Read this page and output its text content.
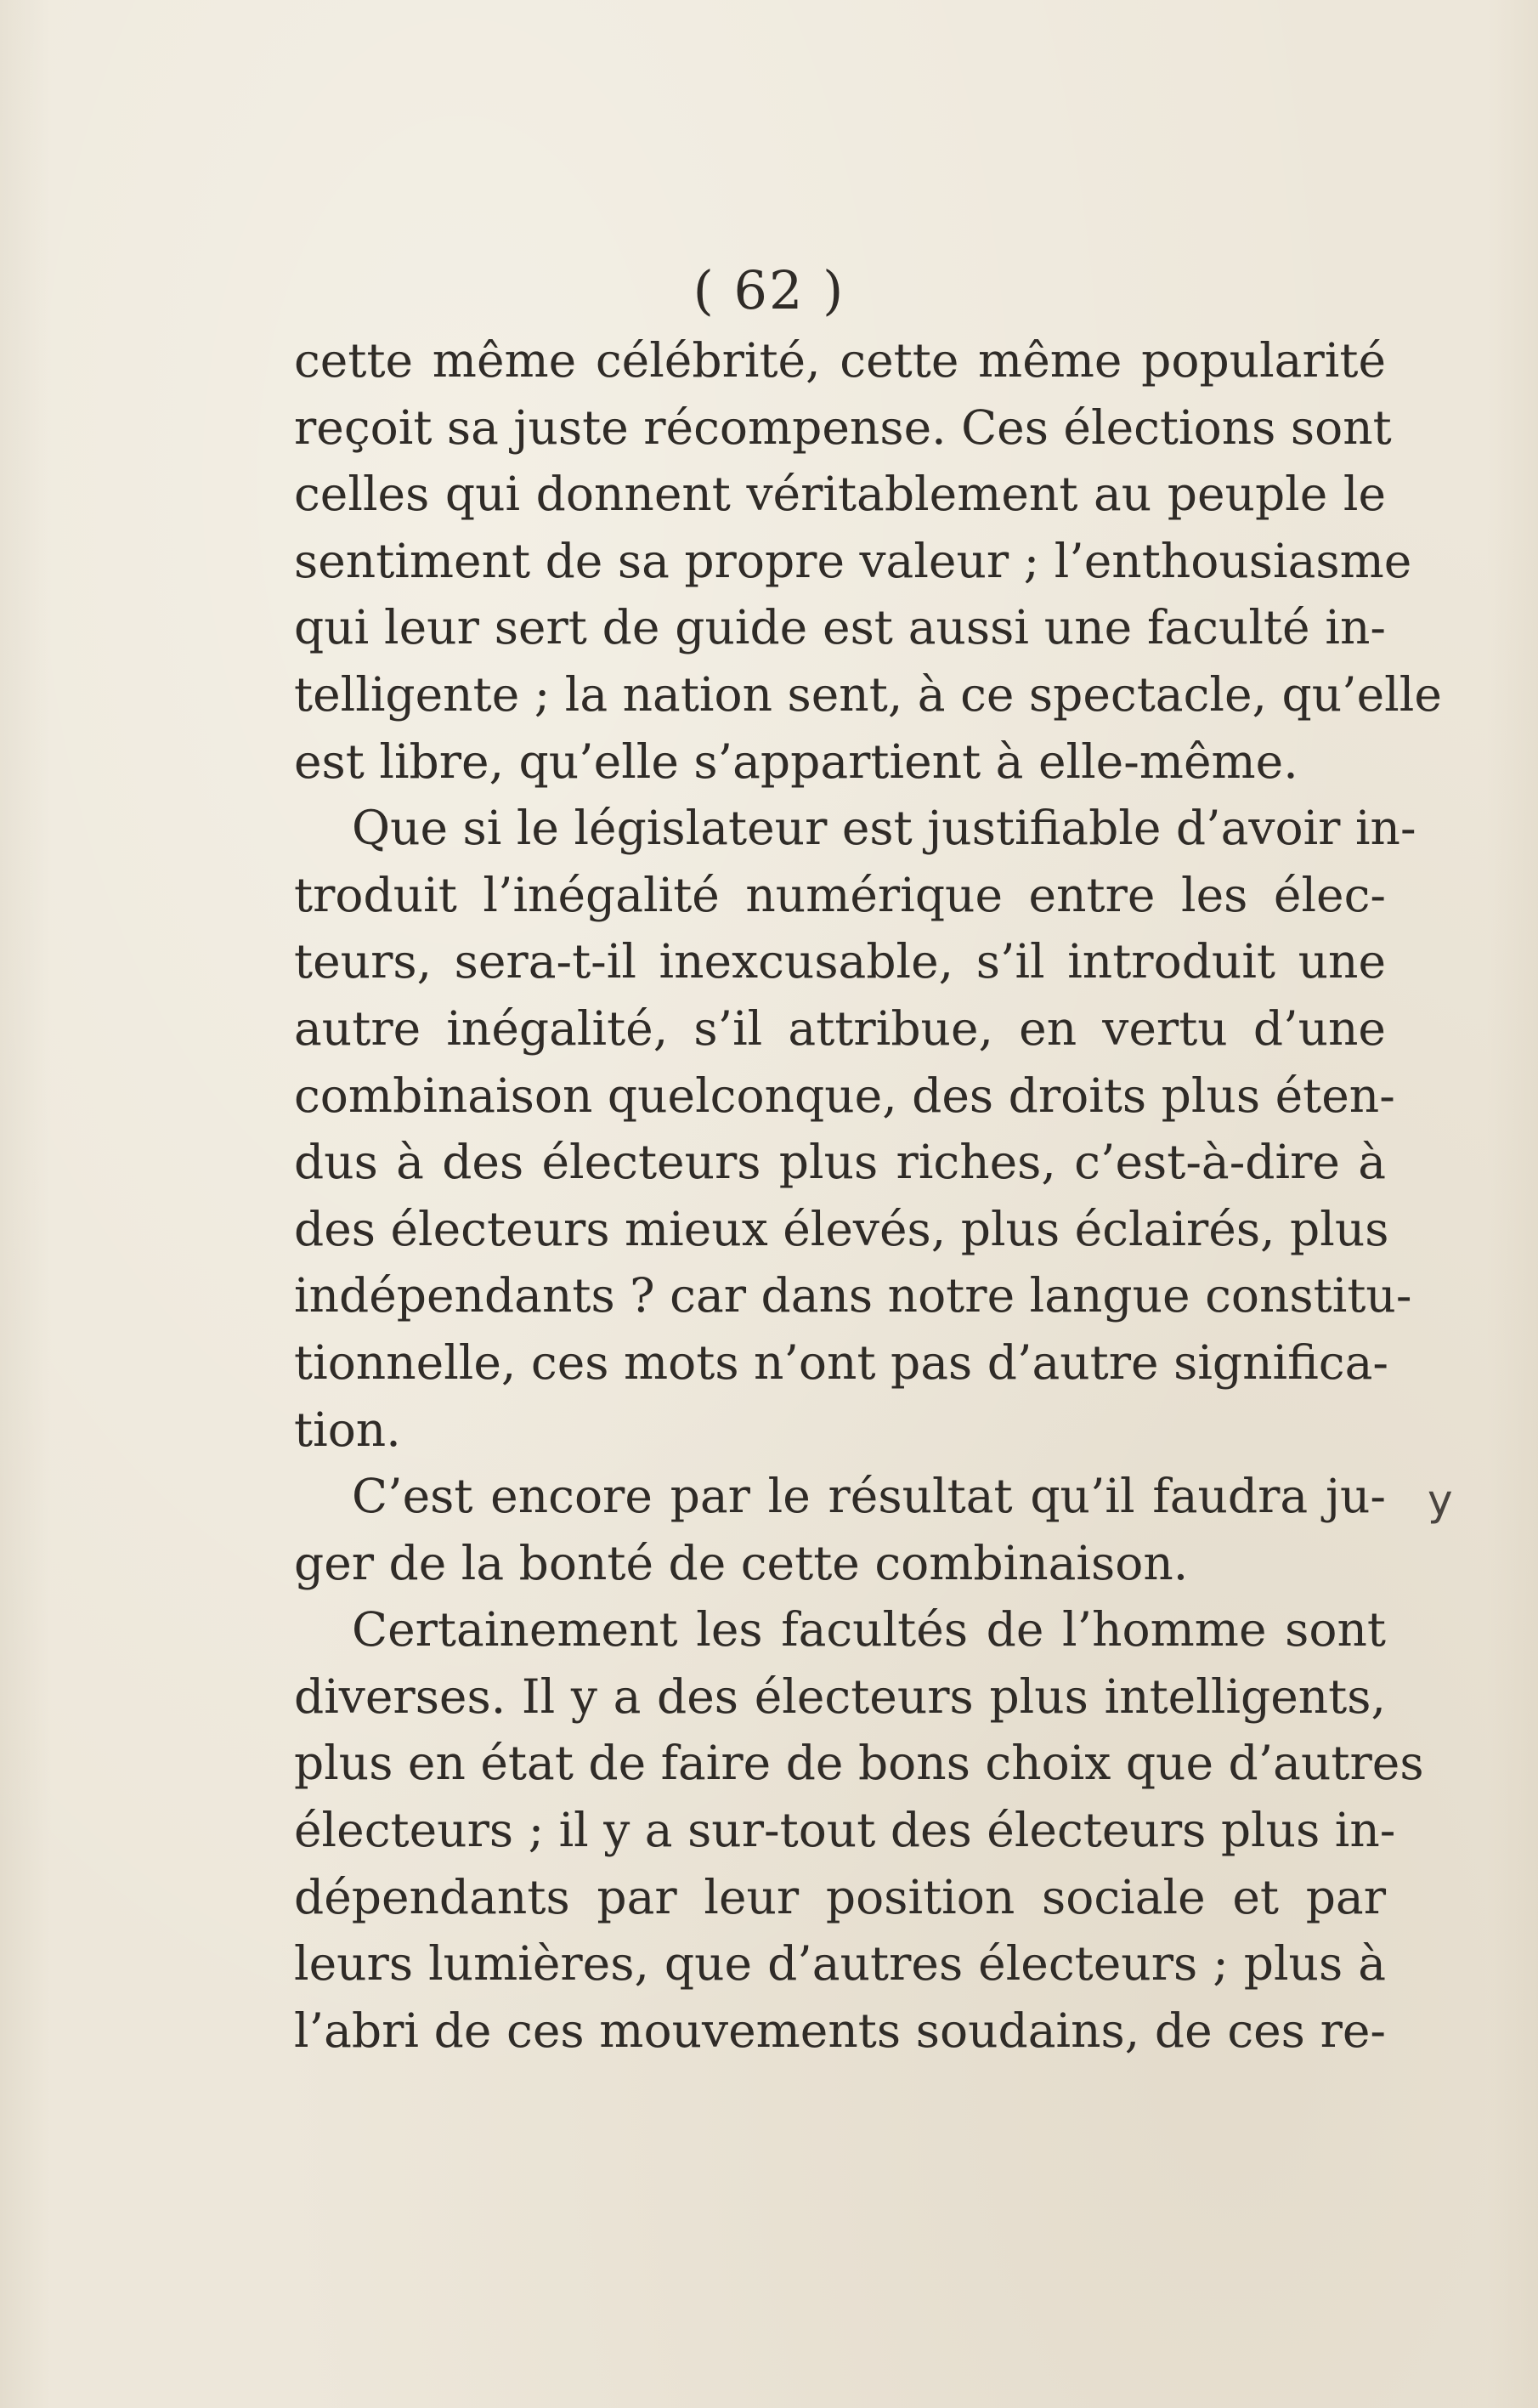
( 62 )
cette même célébrité, cette même popularité
reçoit sa juste récompense. Ces élections sont
celles qui donnent véritablement au peuple le
sentiment de sa propre valeur ; l’enthousiasme
qui leur sert de guide est aussi une faculté in-
telligente ; la nation sent, à ce spectacle, qu’elle
est libre, qu’elle s’appartient à elle-même.
Que si le législateur est justifiable d’avoir in-
troduit l’inégalité numérique entre les élec-
teurs, sera-t-il inexcusable, s’il introduit une
autre inégalité, s’il attribue, en vertu d’une
combinaison quelconque, des droits plus éten-
dus à des électeurs plus riches, c’est-à-dire à
des électeurs mieux élevés, plus éclairés, plus
indépendants ? car dans notre langue constitu-
tionnelle, ces mots n’ont pas d’autre significa-
tion.
C’est encore par le résultat qu’il faudra ju-
ger de la bonté de cette combinaison.
Certainement les facultés de l’homme sont
diverses. Il y a des électeurs plus intelligents,
plus en état de faire de bons choix que d’autres
électeurs ; il y a sur-tout des électeurs plus in-
dépendants par leur position sociale et par
leurs lumières, que d’autres électeurs ; plus à
l’abri de ces mouvements soudains, de ces re-
y
